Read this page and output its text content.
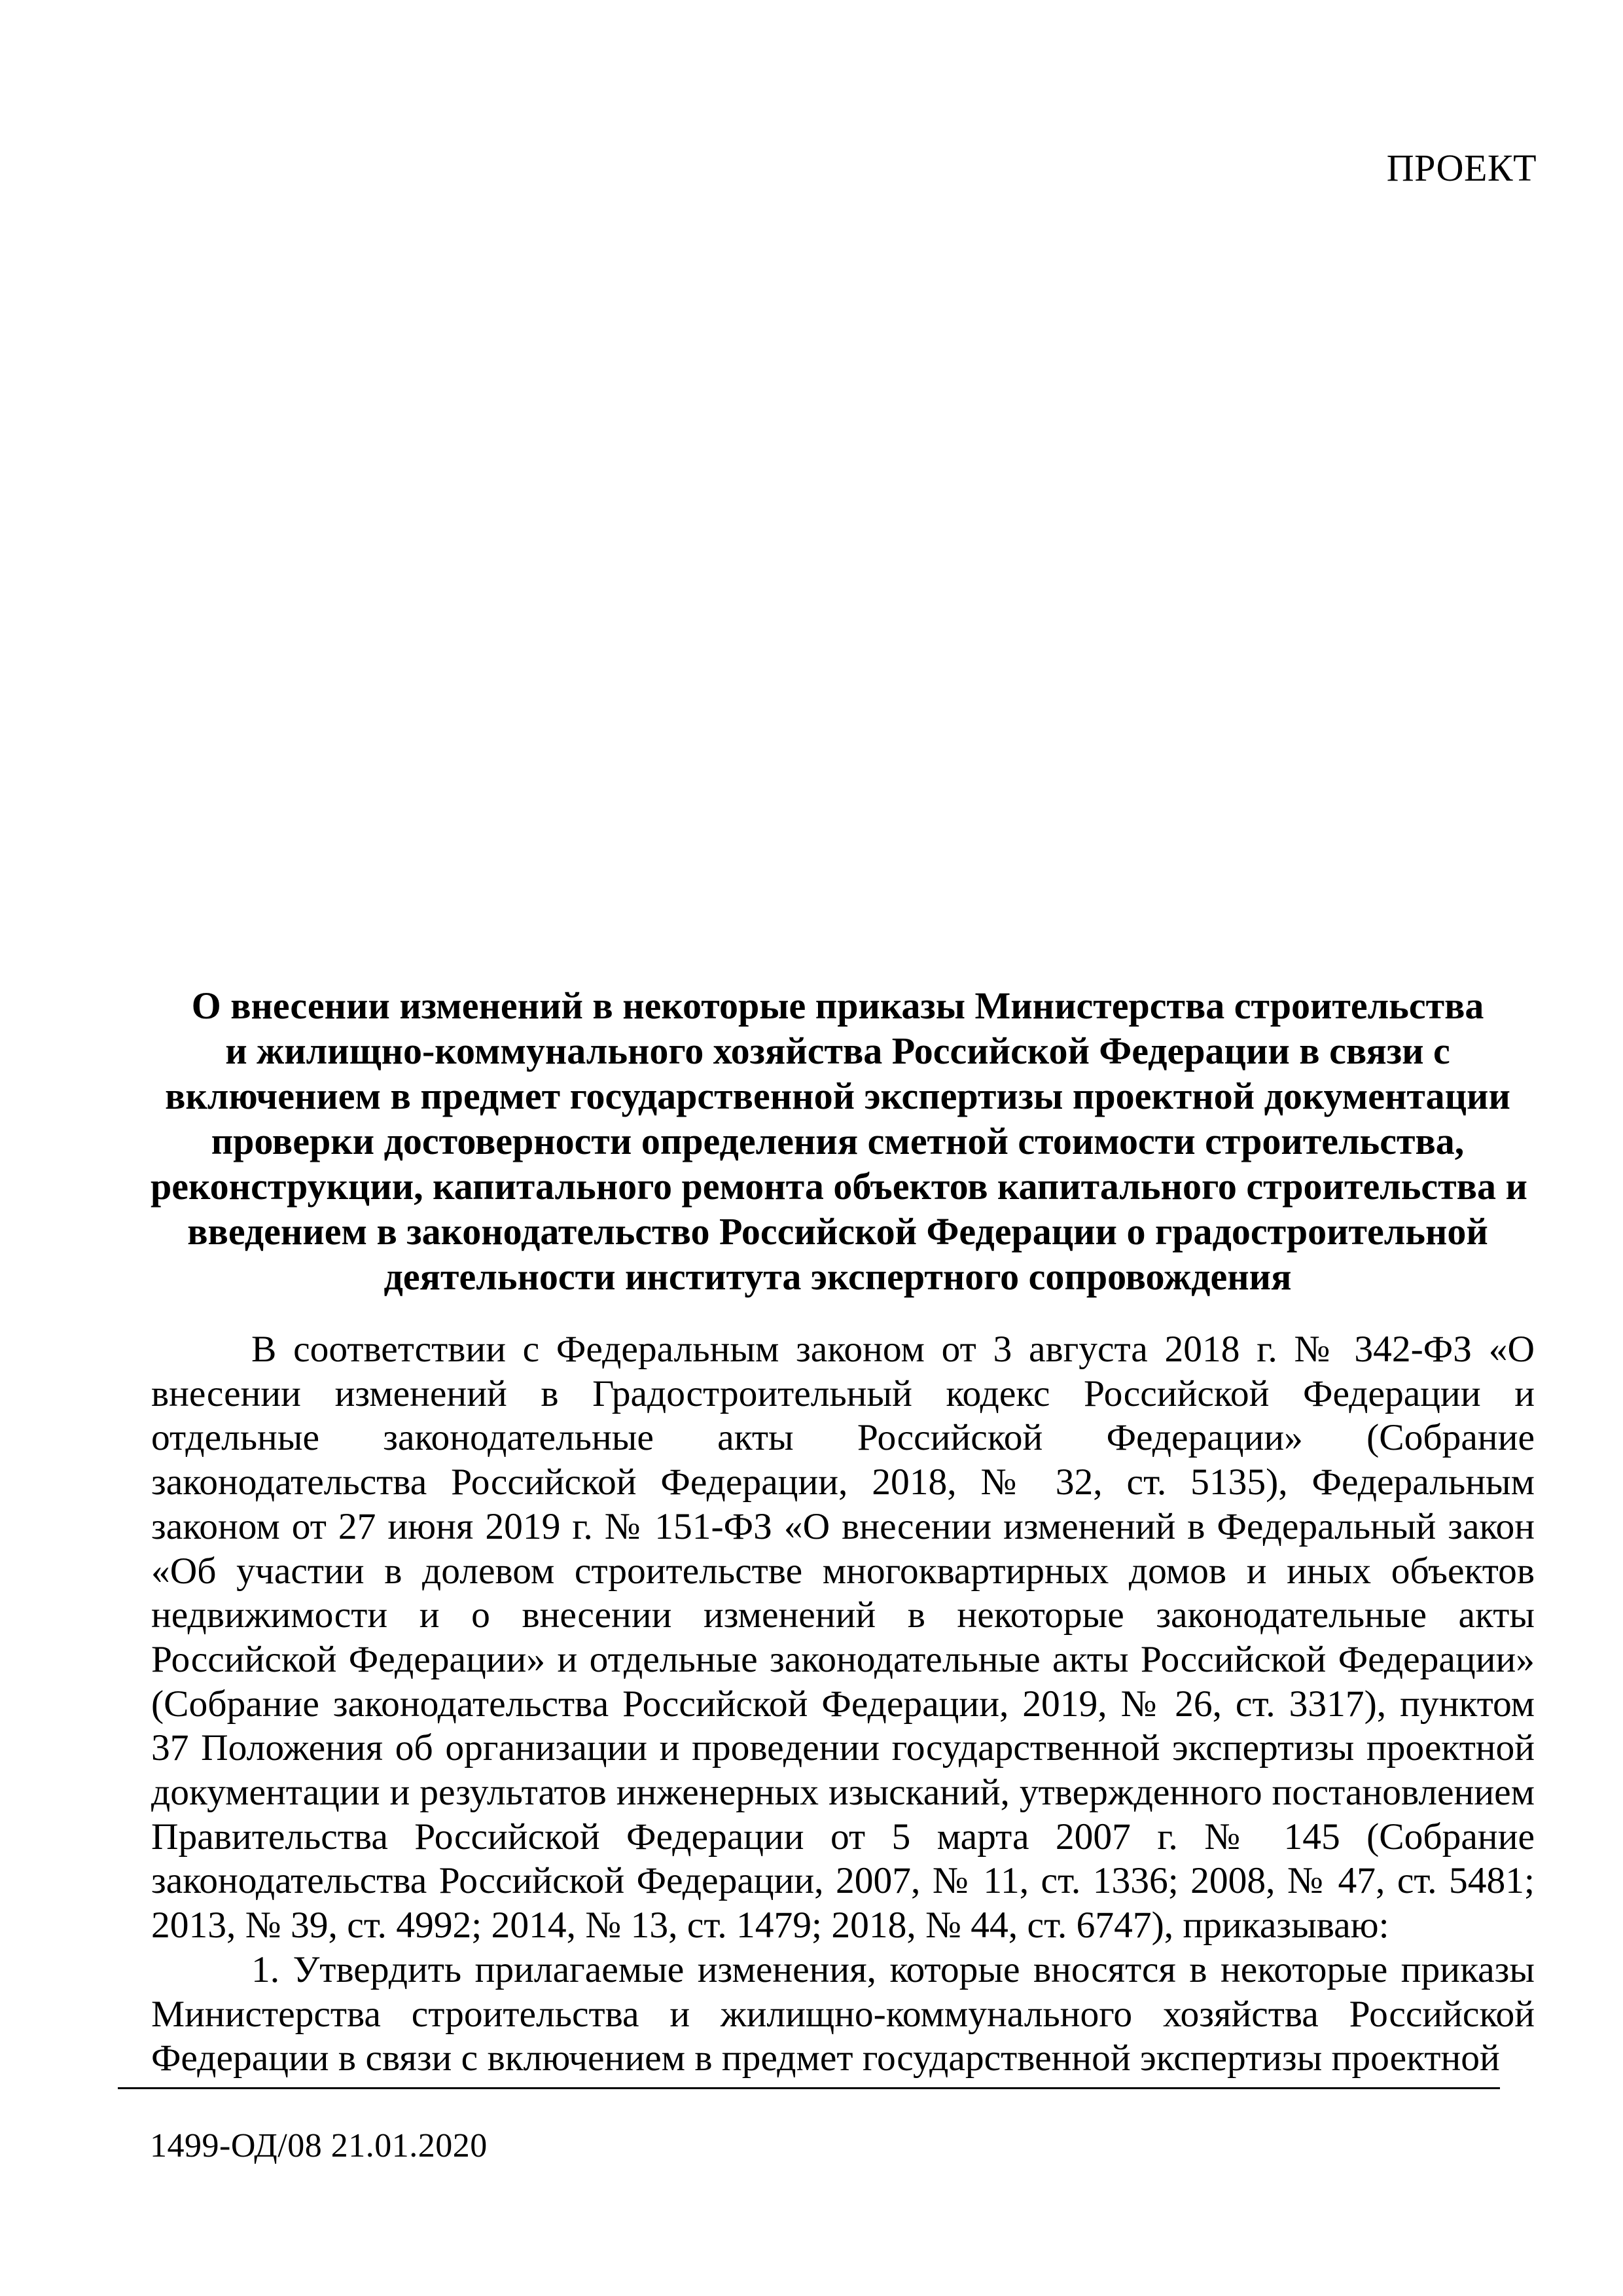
ПРОЕКТ
О внесении изменений в некоторые приказы Министерства строительства
и жилищно-коммунального хозяйства Российской Федерации в связи с
включением в предмет государственной экспертизы проектной документации
проверки достоверности определения сметной стоимости строительства,
реконструкции, капитального ремонта объектов капитального строительства и
введением в законодательство Российской Федерации о градостроительной
деятельности института экспертного сопровождения

В соответствии с Федеральным законом от 3 августа 2018 г. № 342-ФЗ «О внесении изменений в Градостроительный кодекс Российской Федерации и отдельные законодательные акты Российской Федерации» (Собрание законодательства Российской Федерации, 2018, № 32, ст. 5135), Федеральным законом от 27 июня 2019 г. № 151-ФЗ «О внесении изменений в Федеральный закон «Об участии в долевом строительстве многоквартирных домов и иных объектов недвижимости и о внесении изменений в некоторые законодательные акты Российской Федерации» и отдельные законодательные акты Российской Федерации» (Собрание законодательства Российской Федерации, 2019, № 26, ст. 3317), пунктом 37 Положения об организации и проведении государственной экспертизы проектной документации и результатов инженерных изысканий, утвержденного постановлением Правительства Российской Федерации от 5 марта 2007 г. № 145 (Собрание законодательства Российской Федерации, 2007, № 11, ст. 1336; 2008, № 47, ст. 5481; 2013, № 39, ст. 4992; 2014, № 13, ст. 1479; 2018, № 44, ст. 6747), приказываю:

1. Утвердить прилагаемые изменения, которые вносятся в некоторые приказы Министерства строительства и жилищно-коммунального хозяйства Российской Федерации в связи с включением в предмет государственной экспертизы проектной

1499-ОД/08 21.01.2020
